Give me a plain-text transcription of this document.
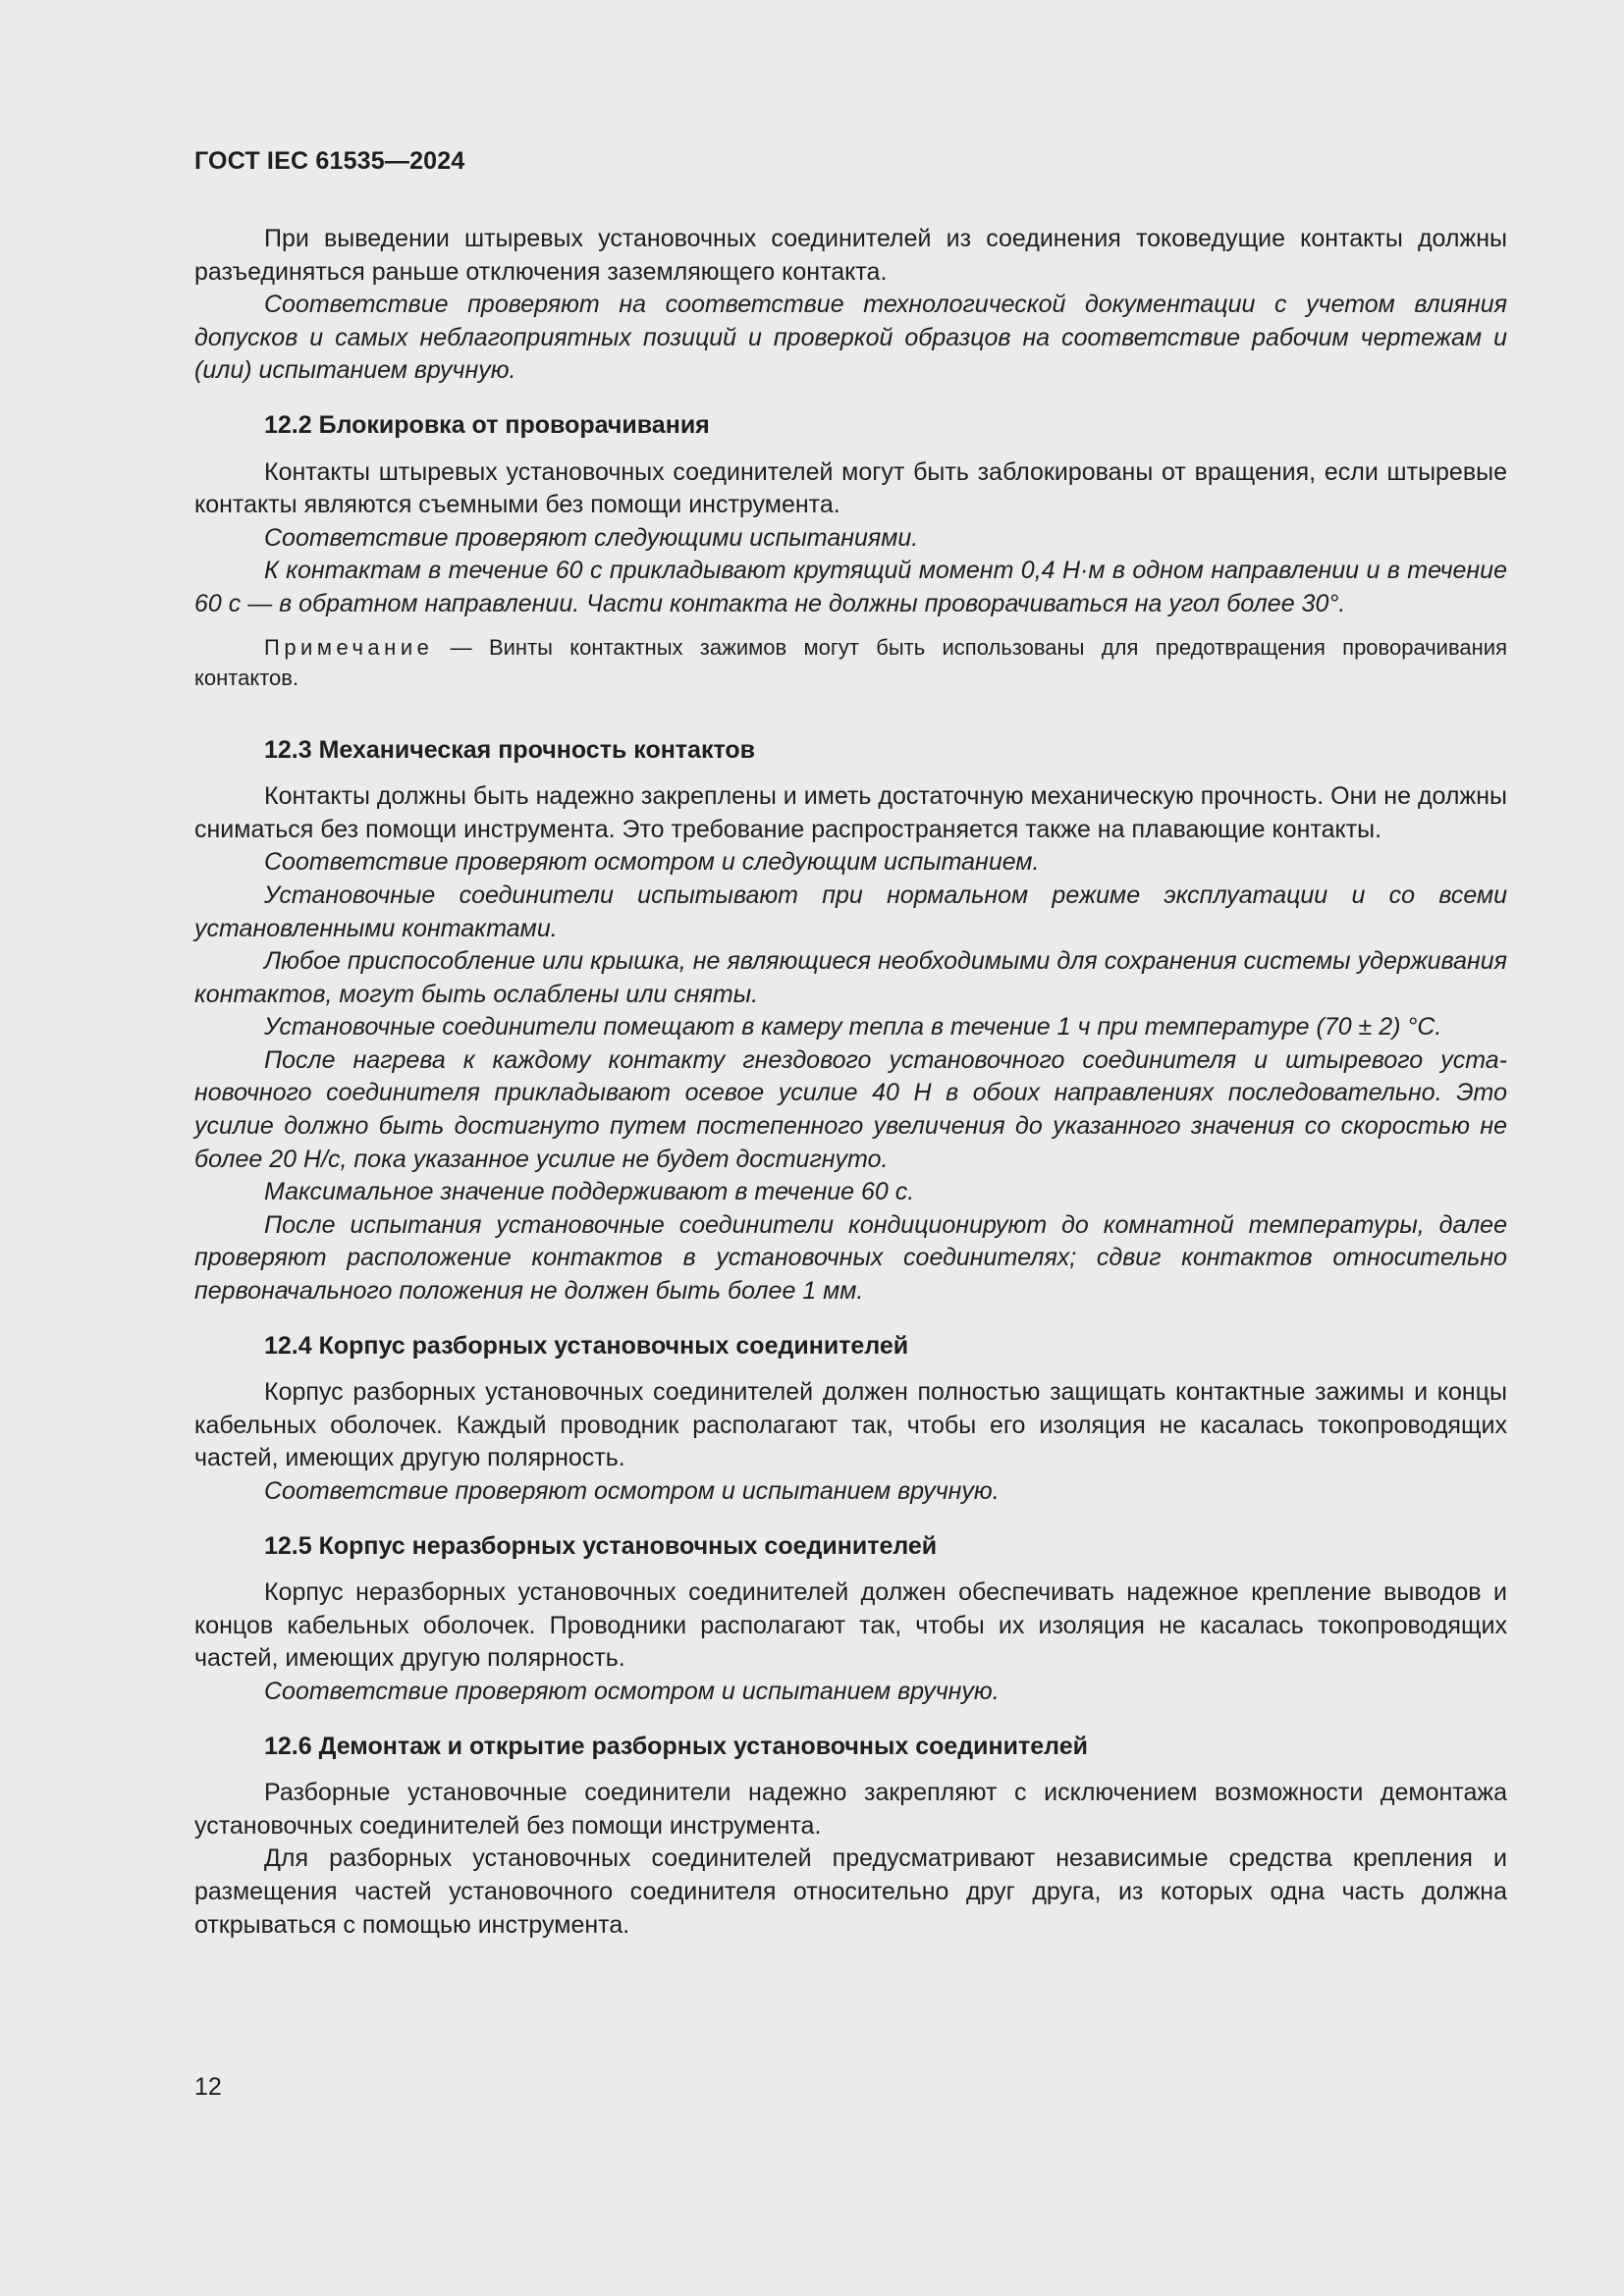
ГОСТ IEC 61535—2024

При выведении штыревых установочных соединителей из соединения токоведущие контакты должны разъединяться раньше отключения заземляющего контакта.

Соответствие проверяют на соответствие технологической документации с учетом влияния допусков и самых неблагоприятных позиций и проверкой образцов на соответствие рабочим чертежам и (или) испытанием вручную.

12.2 Блокировка от проворачивания

Контакты штыревых установочных соединителей могут быть заблокированы от вращения, если штыревые контакты являются съемными без помощи инструмента.

Соответствие проверяют следующими испытаниями.

К контактам в течение 60 с прикладывают крутящий момент 0,4 Н·м в одном направлении и в течение 60 с — в обратном направлении. Части контакта не должны проворачиваться на угол более 30°.

Примечание — Винты контактных зажимов могут быть использованы для предотвращения проворачивания контактов.

12.3 Механическая прочность контактов

Контакты должны быть надежно закреплены и иметь достаточную механическую прочность. Они не должны сниматься без помощи инструмента. Это требование распространяется также на плавающие контакты.

Соответствие проверяют осмотром и следующим испытанием.

Установочные соединители испытывают при нормальном режиме эксплуатации и со всеми установленными контактами.

Любое приспособление или крышка, не являющиеся необходимыми для сохранения системы удерживания контактов, могут быть ослаблены или сняты.

Установочные соединители помещают в камеру тепла в течение 1 ч при температуре (70 ± 2) °С.

После нагрева к каждому контакту гнездового установочного соединителя и штыревого установочного соединителя прикладывают осевое усилие 40 Н в обоих направлениях последовательно. Это усилие должно быть достигнуто путем постепенного увеличения до указанного значения со скоростью не более 20 Н/с, пока указанное усилие не будет достигнуто.

Максимальное значение поддерживают в течение 60 с.

После испытания установочные соединители кондиционируют до комнатной температуры, далее проверяют расположение контактов в установочных соединителях; сдвиг контактов относительно первоначального положения не должен быть более 1 мм.

12.4 Корпус разборных установочных соединителей

Корпус разборных установочных соединителей должен полностью защищать контактные зажимы и концы кабельных оболочек. Каждый проводник располагают так, чтобы его изоляция не касалась токопроводящих частей, имеющих другую полярность.

Соответствие проверяют осмотром и испытанием вручную.

12.5 Корпус неразборных установочных соединителей

Корпус неразборных установочных соединителей должен обеспечивать надежное крепление выводов и концов кабельных оболочек. Проводники располагают так, чтобы их изоляция не касалась токопроводящих частей, имеющих другую полярность.

Соответствие проверяют осмотром и испытанием вручную.

12.6 Демонтаж и открытие разборных установочных соединителей

Разборные установочные соединители надежно закрепляют с исключением возможности демонтажа установочных соединителей без помощи инструмента.

Для разборных установочных соединителей предусматривают независимые средства крепления и размещения частей установочного соединителя относительно друг друга, из которых одна часть должна открываться с помощью инструмента.

12
